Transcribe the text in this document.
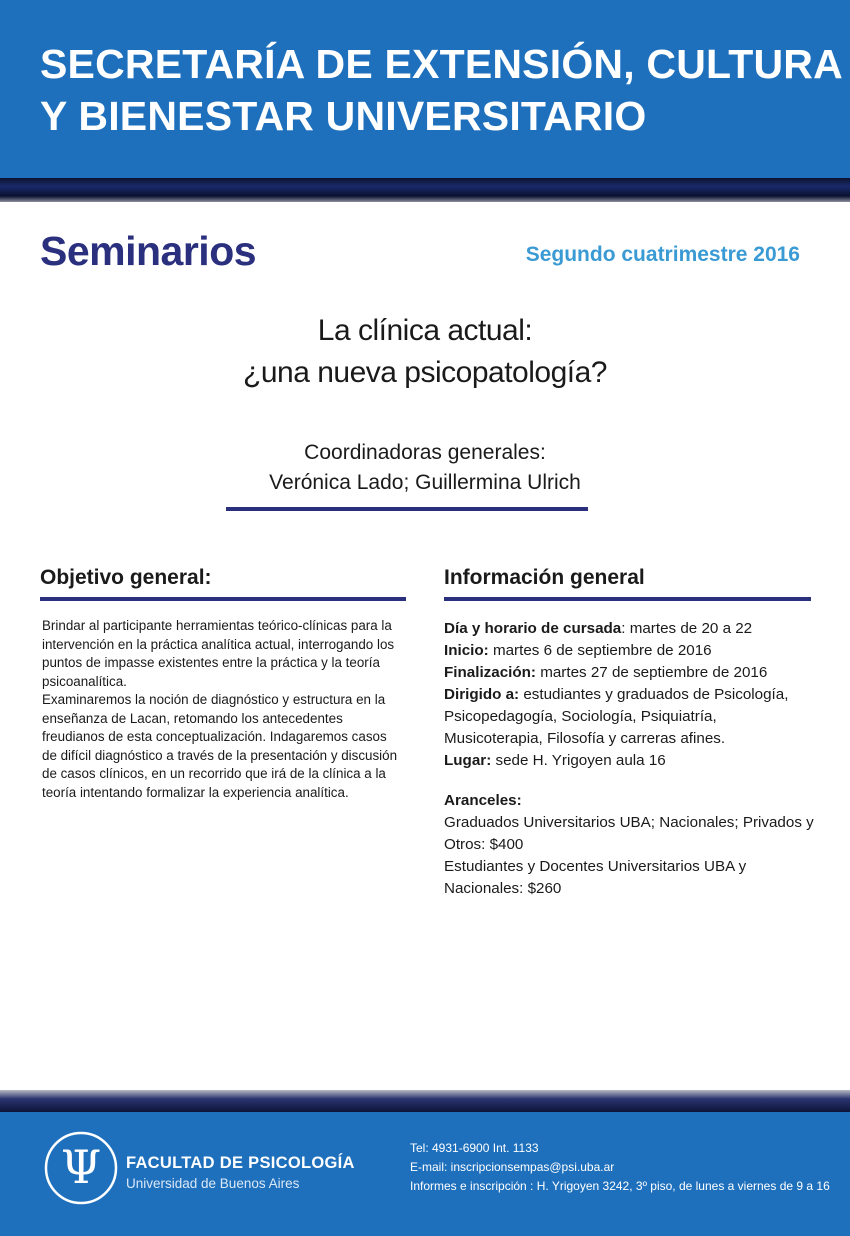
SECRETARÍA DE EXTENSIÓN, CULTURA
Y BIENESTAR UNIVERSITARIO
Seminarios	Segundo cuatrimestre 2016
La clínica actual:
¿una nueva psicopatología?
Coordinadoras generales:
Verónica Lado; Guillermina Ulrich
Objetivo general:	Información general

Brindar al participante herramientas teórico-clínicas para la intervención en la práctica analítica actual, interrogando los puntos de impasse existentes entre la práctica y la teoría psicoanalítica.

Examinaremos la noción de diagnóstico y estructura en la enseñanza de Lacan, retomando los antecedentes freudianos de esta conceptualización. Indagaremos casos de difícil diagnóstico a través de la presentación y discusión de casos clínicos, en un recorrido que irá de la clínica a la teoría intentando formalizar la experiencia analítica.

Día y horario de cursada: martes de 20 a 22
Inicio: martes 6 de septiembre de 2016
Finalización: martes 27 de septiembre de 2016
Dirigido a: estudiantes y graduados de Psicología,
Psicopedagogía, Sociología, Psiquiatría,
Musicoterapia, Filosofía y carreras afines.
Lugar: sede H. Yrigoyen aula 16
Aranceles:
Graduados Universitarios UBA; Nacionales; Privados y
Otros: $400
Estudiantes y Docentes Universitarios UBA y
Nacionales: $260
Ψ FACULTAD DE PSICOLOGÍA
Universidad de Buenos Aires
Tel: 4931-6900 Int. 1133
E-mail: inscripcionsempas@psi.uba.ar
Informes e inscripción : H. Yrigoyen 3242, 3º piso, de lunes a viernes de 9 a 16
